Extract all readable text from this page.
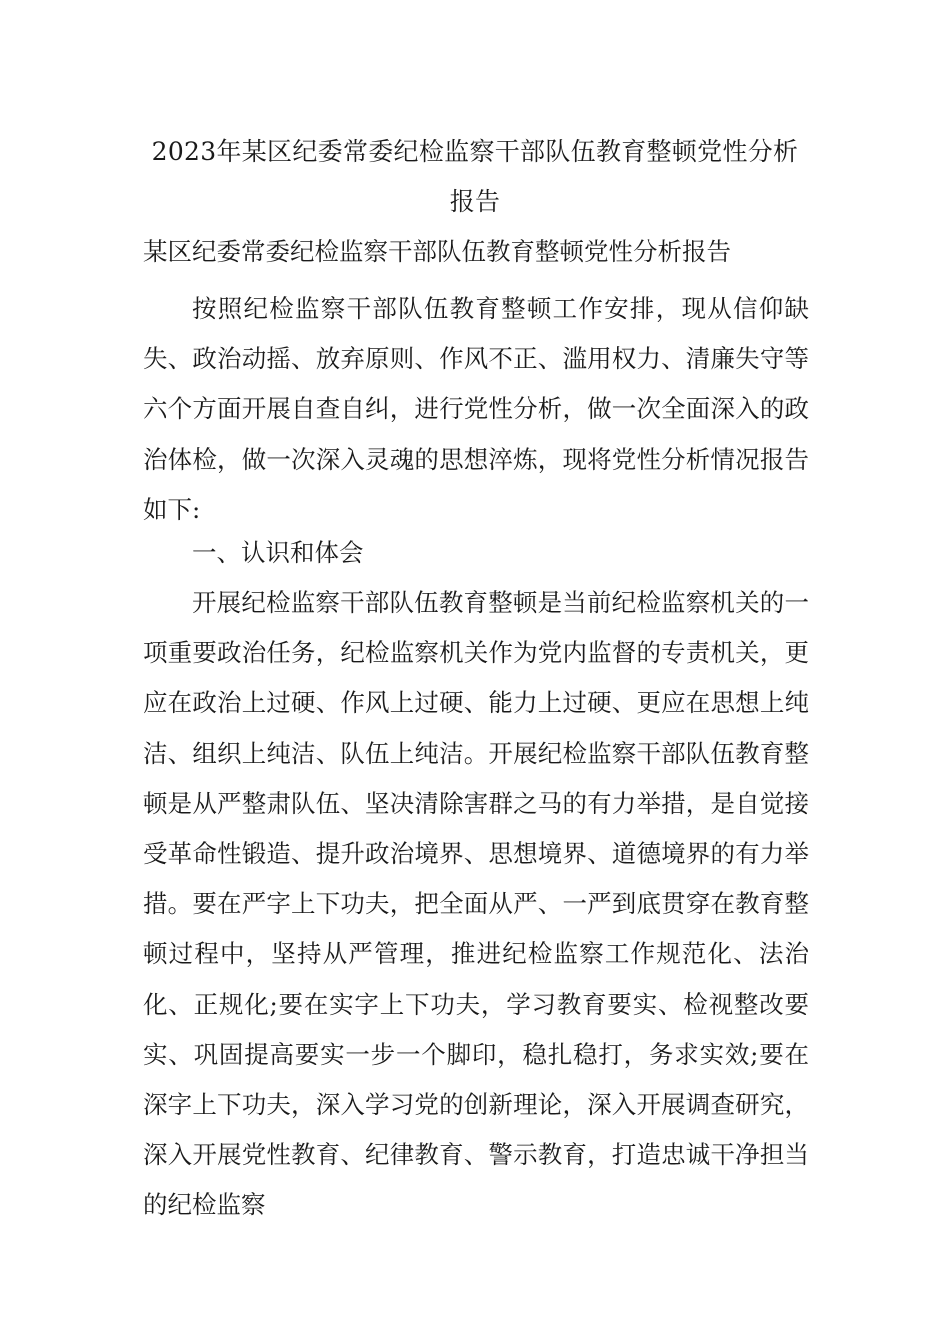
2023年某区纪委常委纪检监察干部队伍教育整顿党性分析报告
某区纪委常委纪检监察干部队伍教育整顿党性分析报告

按照纪检监察干部队伍教育整顿工作安排，现从信仰缺失、政治动摇、放弃原则、作风不正、滥用权力、清廉失守等六个方面开展自查自纠，进行党性分析，做一次全面深入的政治体检，做一次深入灵魂的思想淬炼，现将党性分析情况报告如下:

一、认识和体会

开展纪检监察干部队伍教育整顿是当前纪检监察机关的一项重要政治任务，纪检监察机关作为党内监督的专责机关，更应在政治上过硬、作风上过硬、能力上过硬、更应在思想上纯洁、组织上纯洁、队伍上纯洁。开展纪检监察干部队伍教育整顿是从严整肃队伍、坚决清除害群之马的有力举措，是自觉接受革命性锻造、提升政治境界、思想境界、道德境界的有力举措。要在严字上下功夫，把全面从严、一严到底贯穿在教育整顿过程中，坚持从严管理，推进纪检监察工作规范化、法治化、正规化;要在实字上下功夫，学习教育要实、检视整改要实、巩固提高要实一步一个脚印，稳扎稳打，务求实效;要在深字上下功夫，深入学习党的创新理论，深入开展调查研究，深入开展党性教育、纪律教育、警示教育，打造忠诚干净担当的纪检监察
